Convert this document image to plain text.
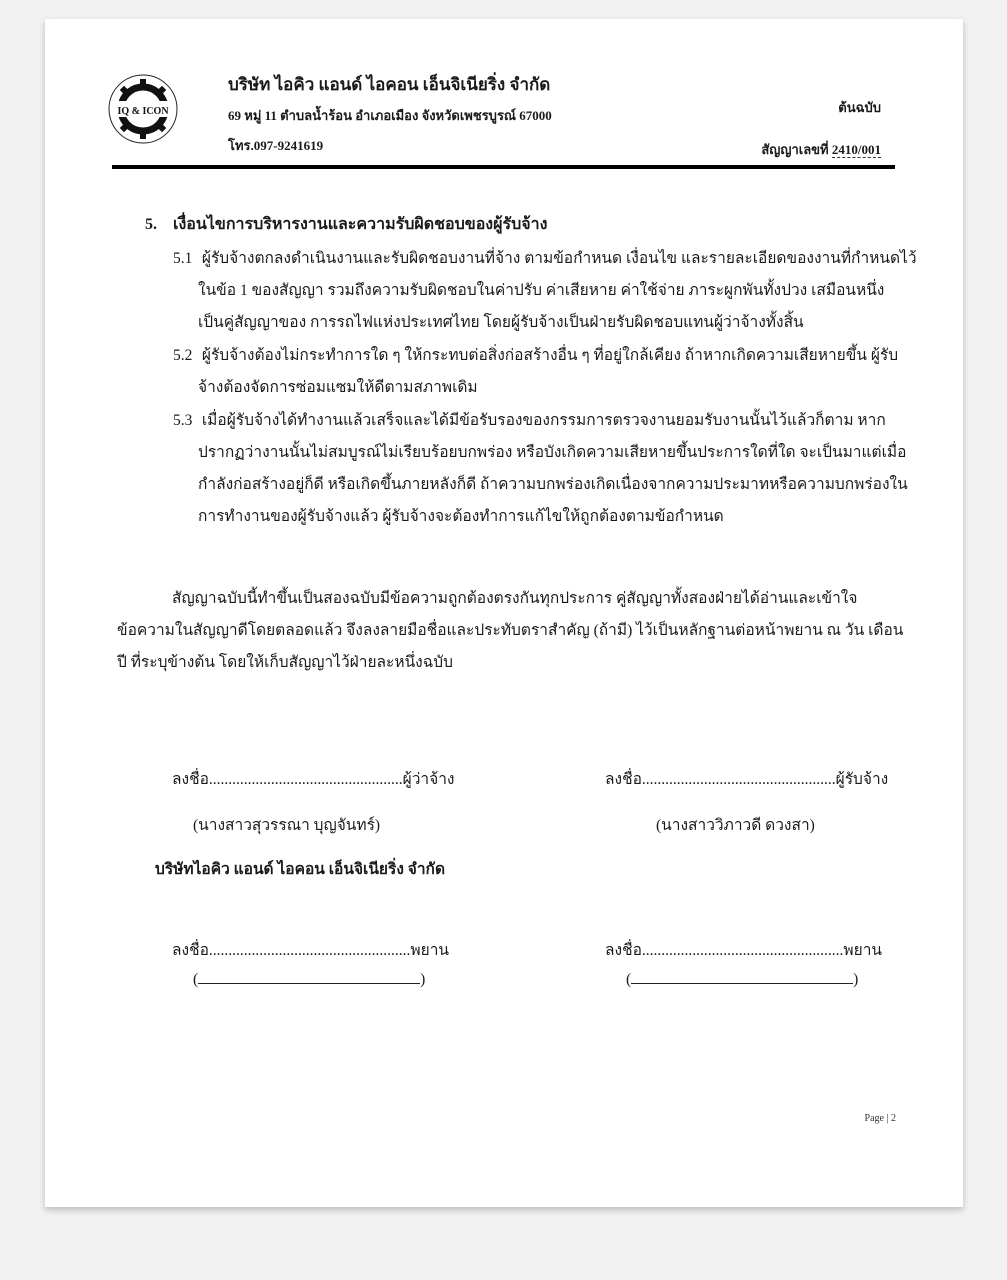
IQ & ICON
บริษัท ไอคิว แอนด์ ไอคอน เอ็นจิเนียริ่ง จำกัด
69 หมู่ 11 ตำบลน้ำร้อน อำเภอเมือง จังหวัดเพชรบูรณ์ 67000
โทร.097-9241619
ต้นฉบับ
สัญญาเลขที่ 2410/001
5. เงื่อนไขการบริหารงานและความรับผิดชอบของผู้รับจ้าง
5.1 ผู้รับจ้างตกลงดำเนินงานและรับผิดชอบงานที่จ้าง ตามข้อกำหนด เงื่อนไข และรายละเอียดของงานที่กำหนดไว้
ในข้อ 1 ของสัญญา รวมถึงความรับผิดชอบในค่าปรับ ค่าเสียหาย ค่าใช้จ่าย ภาระผูกพันทั้งปวง เสมือนหนึ่ง
เป็นคู่สัญญาของ การรถไฟแห่งประเทศไทย โดยผู้รับจ้างเป็นฝ่ายรับผิดชอบแทนผู้ว่าจ้างทั้งสิ้น
5.2 ผู้รับจ้างต้องไม่กระทำการใด ๆ ให้กระทบต่อสิ่งก่อสร้างอื่น ๆ ที่อยู่ใกล้เคียง ถ้าหากเกิดความเสียหายขึ้น ผู้รับ
จ้างต้องจัดการซ่อมแซมให้ดีตามสภาพเดิม
5.3 เมื่อผู้รับจ้างได้ทำงานแล้วเสร็จและได้มีข้อรับรองของกรรมการตรวจงานยอมรับงานนั้นไว้แล้วก็ตาม หาก
ปรากฏว่างานนั้นไม่สมบูรณ์ไม่เรียบร้อยบกพร่อง หรือบังเกิดความเสียหายขึ้นประการใดที่ใด จะเป็นมาแต่เมื่อ
กำลังก่อสร้างอยู่ก็ดี หรือเกิดขึ้นภายหลังก็ดี ถ้าความบกพร่องเกิดเนื่องจากความประมาทหรือความบกพร่องใน
การทำงานของผู้รับจ้างแล้ว ผู้รับจ้างจะต้องทำการแก้ไขให้ถูกต้องตามข้อกำหนด
สัญญาฉบับนี้ทำขึ้นเป็นสองฉบับมีข้อความถูกต้องตรงกันทุกประการ คู่สัญญาทั้งสองฝ่ายได้อ่านและเข้าใจ
ข้อความในสัญญาดีโดยตลอดแล้ว จึงลงลายมือชื่อและประทับตราสำคัญ (ถ้ามี) ไว้เป็นหลักฐานต่อหน้าพยาน ณ วัน เดือน
ปี ที่ระบุข้างต้น โดยให้เก็บสัญญาไว้ฝ่ายละหนึ่งฉบับ
ลงชื่อ..................................................ผู้ว่าจ้าง
(นางสาวสุวรรณา บุญจันทร์)
บริษัทไอคิว แอนด์ ไอคอน เอ็นจิเนียริ่ง จำกัด
ลงชื่อ..................................................ผู้รับจ้าง
(นางสาววิภาวดี ดวงสา)
ลงชื่อ....................................................พยาน
(	)
ลงชื่อ....................................................พยาน
(	)
Page | 2
